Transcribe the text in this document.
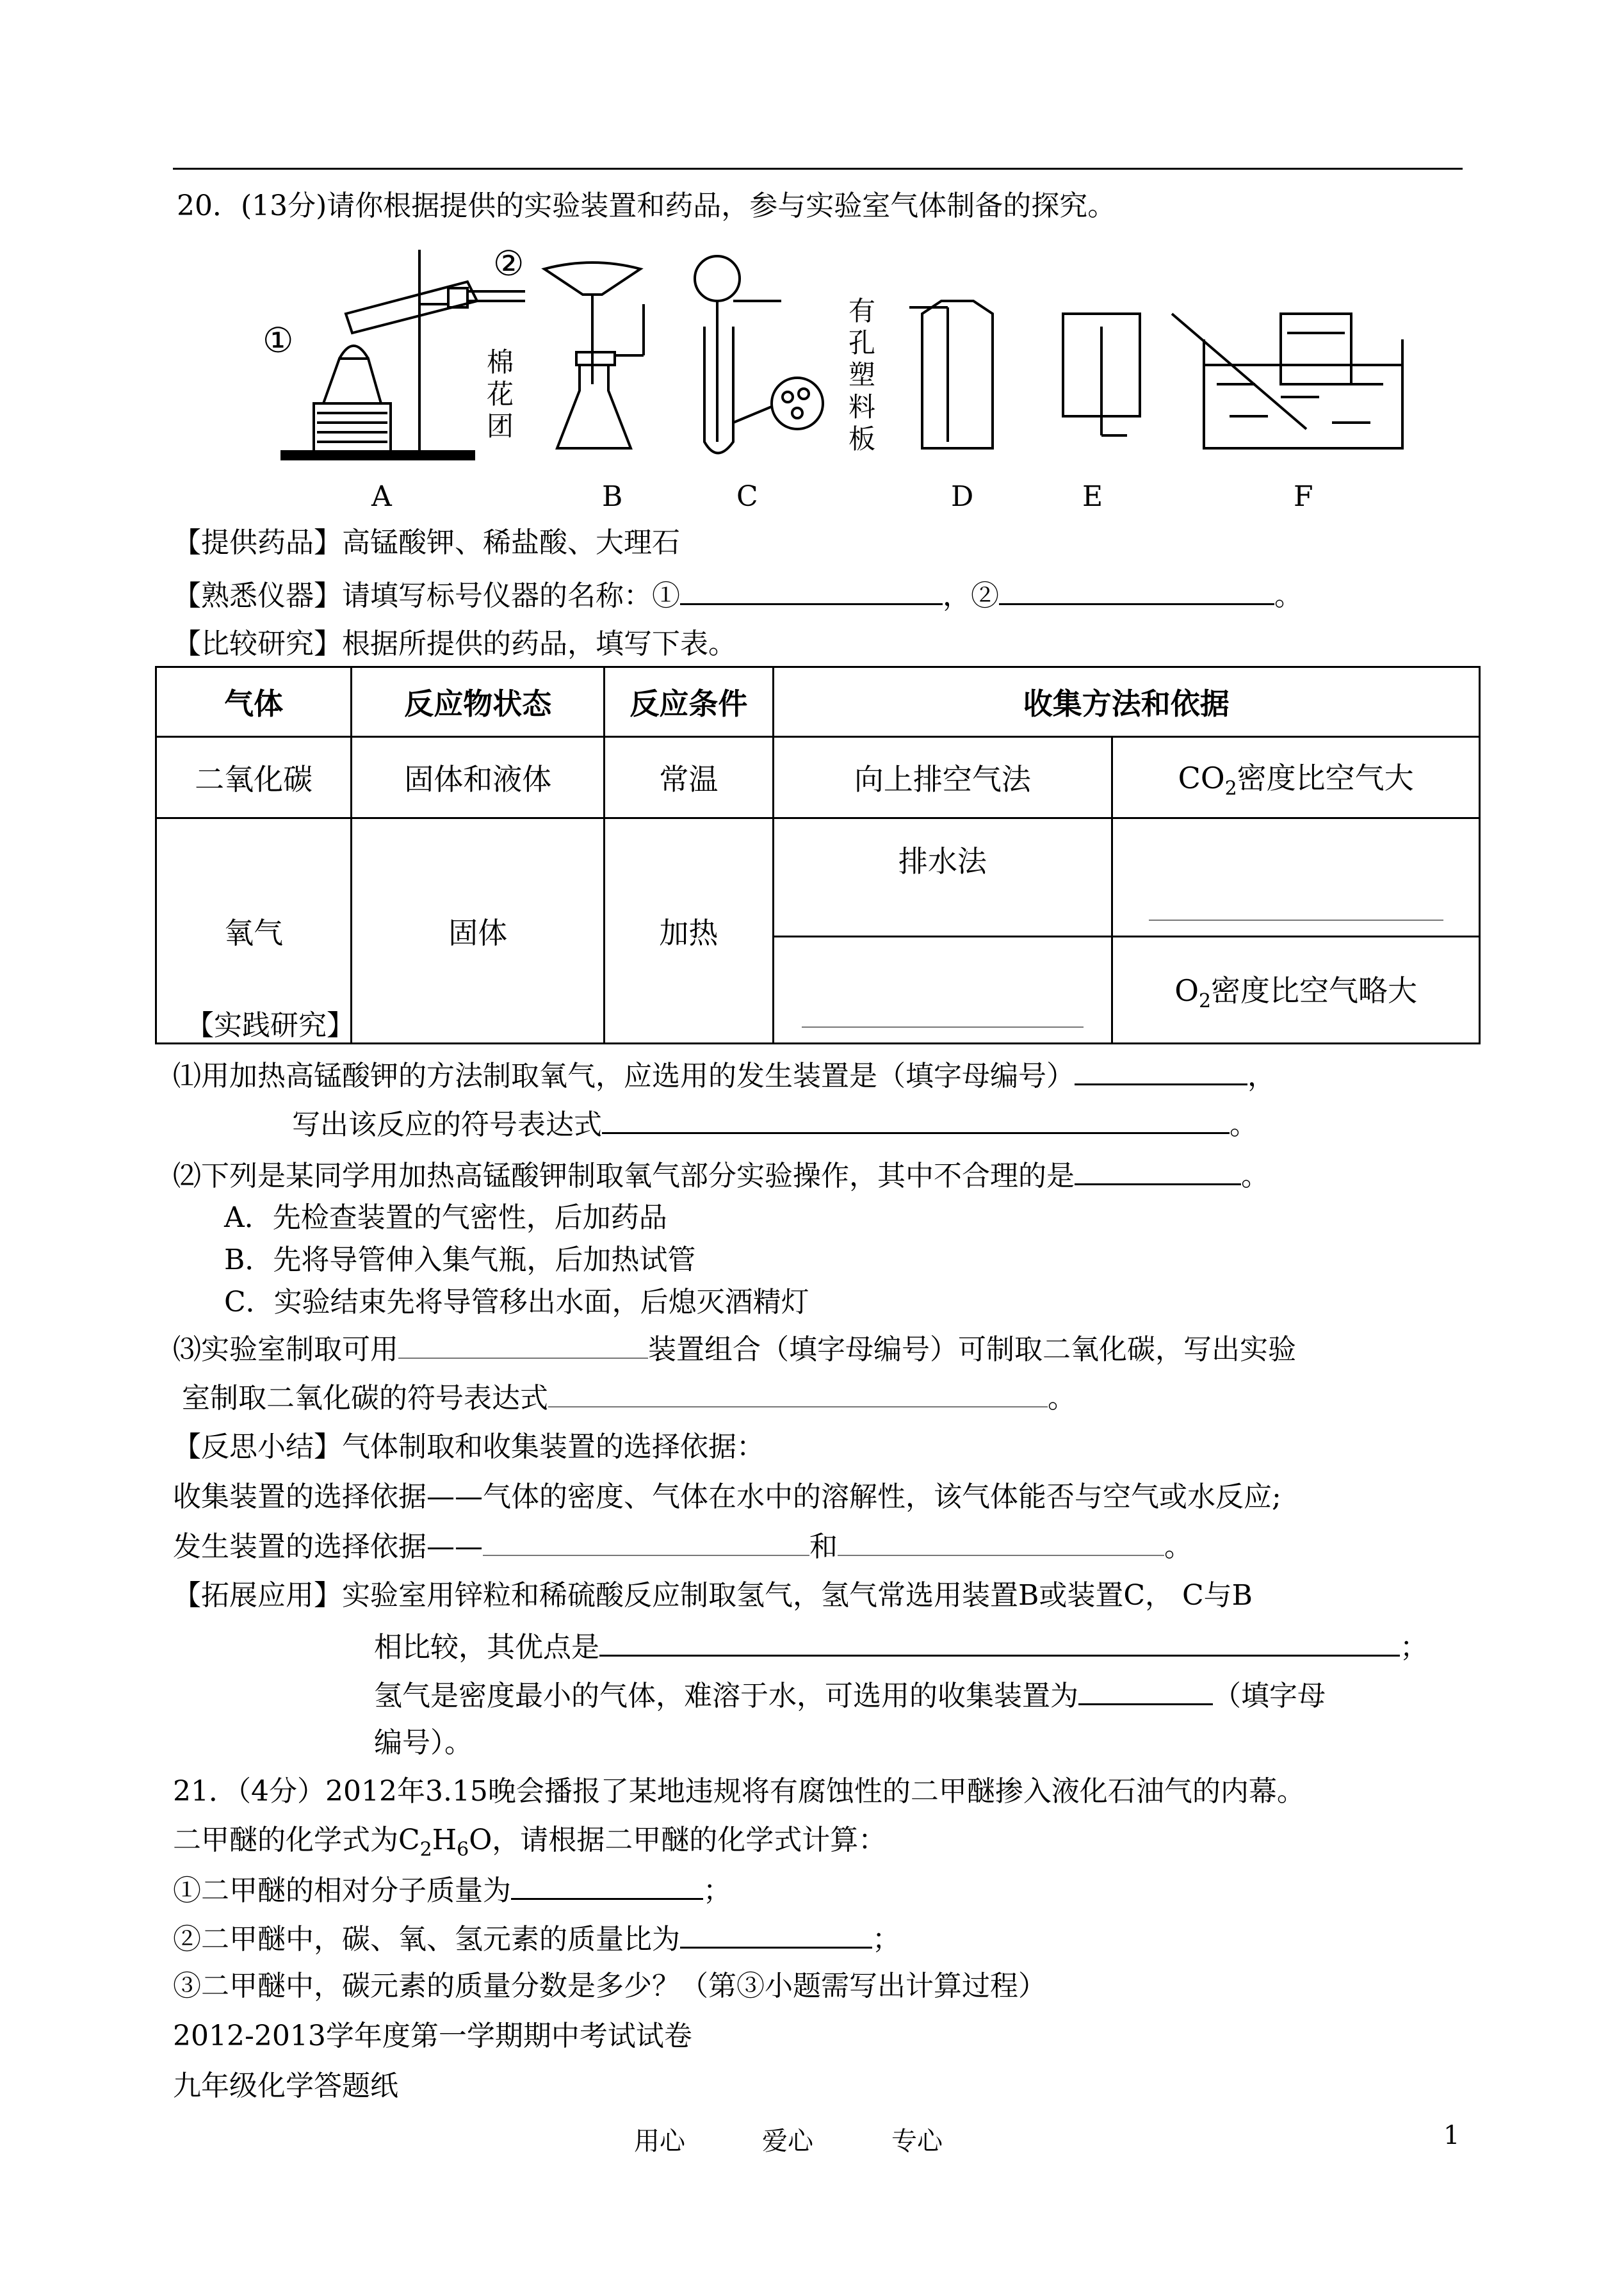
20．(13分)请你根据提供的实验装置和药品，参与实验室气体制备的探究。
①
棉
花
团
②
有
孔
塑
料
板
A	B	C	D	E	F
【提供药品】高锰酸钾、稀盐酸、大理石
【熟悉仪器】请填写标号仪器的名称：①	，②	。
【比较研究】根据所提供的药品，填写下表。
气体	反应物状态	反应条件	收集方法和依据	
二氧化碳	固体和液体	常温	向上排空气法	$CO_2$密度比空气大
氧气	固体	加热	排水法	
				$O_2$密度比空气略大
【实践研究】
⑴用加热高锰酸钾的方法制取氧气，应选用的发生装置是（填字母编号）	，
写出该反应的符号表达式	。
⑵下列是某同学用加热高锰酸钾制取氧气部分实验操作，其中不合理的是	。
A．先检查装置的气密性，后加药品
B．先将导管伸入集气瓶，后加热试管
C．实验结束先将导管移出水面，后熄灭酒精灯
⑶实验室制取可用	装置组合（填字母编号）可制取二氧化碳，写出实验
室制取二氧化碳的符号表达式	。
【反思小结】气体制取和收集装置的选择依据：
收集装置的选择依据——气体的密度、气体在水中的溶解性，该气体能否与空气或水反应;
发生装置的选择依据——	和	。
【拓展应用】实验室用锌粒和稀硫酸反应制取氢气，氢气常选用装置B或装置C， C与B
相比较，其优点是	；
氢气是密度最小的气体，难溶于水，可选用的收集装置为	（填字母
编号）。
21．（4分）2012年3.15晚会播报了某地违规将有腐蚀性的二甲醚掺入液化石油气的内幕。
二甲醚的化学式为$C_2H_6O$，请根据二甲醚的化学式计算：
①二甲醚的相对分子质量为	；
②二甲醚中，碳、氧、氢元素的质量比为	；
③二甲醚中，碳元素的质量分数是多少？（第③小题需写出计算过程）
2012-2013学年度第一学期期中考试试卷
九年级化学答题纸
用心	爱心	专心	1
